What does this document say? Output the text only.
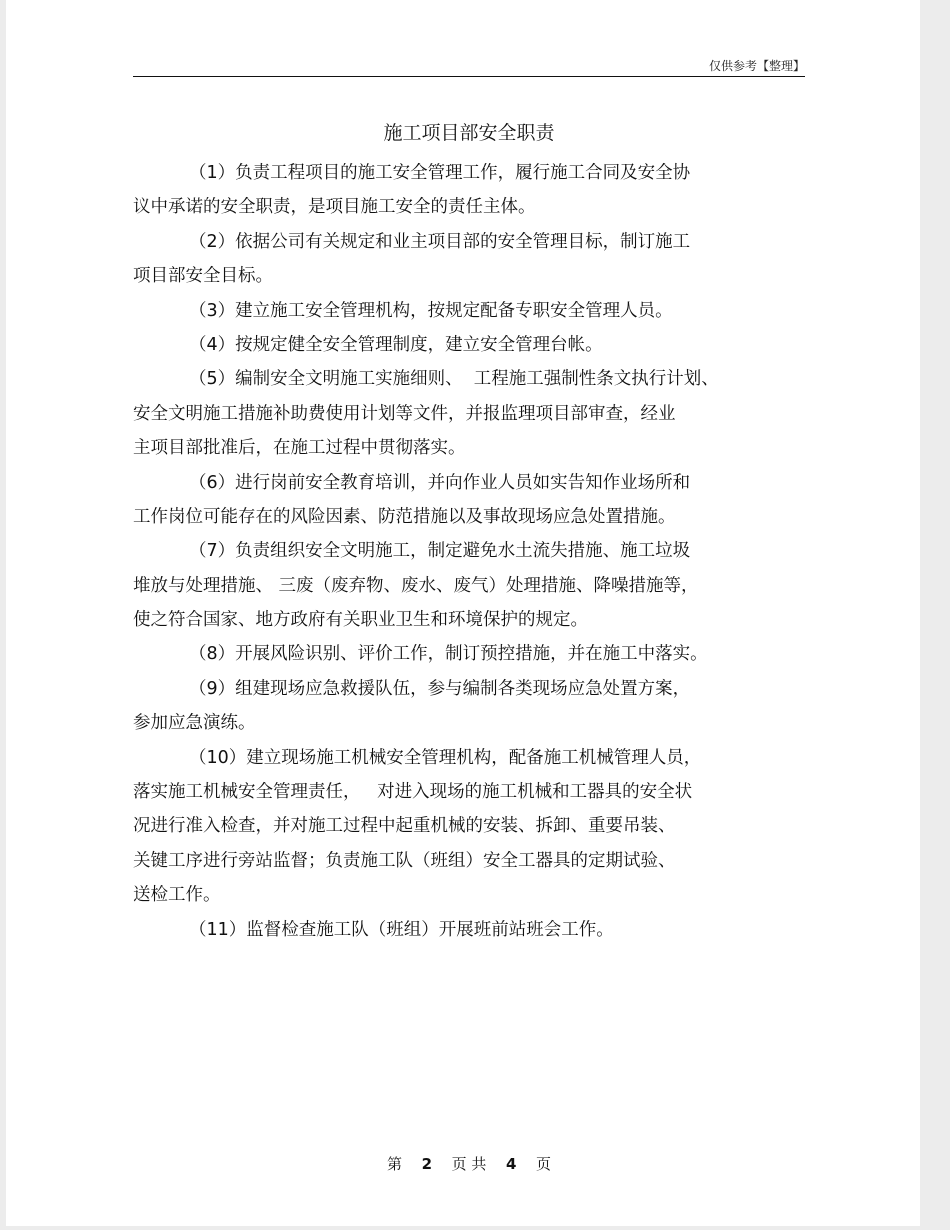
仅供参考【整理】
施工项目部安全职责
（1）负责工程项目的施工安全管理工作，履行施工合同及安全协
议中承诺的安全职责，是项目施工安全的责任主体。
（2）依据公司有关规定和业主项目部的安全管理目标，制订施工
项目部安全目标。
（3）建立施工安全管理机构，按规定配备专职安全管理人员。
（4）按规定健全安全管理制度，建立安全管理台帐。
（5）编制安全文明施工实施细则、  工程施工强制性条文执行计划、
安全文明施工措施补助费使用计划等文件，并报监理项目部审查，经业
主项目部批准后，在施工过程中贯彻落实。
（6）进行岗前安全教育培训，并向作业人员如实告知作业场所和
工作岗位可能存在的风险因素、防范措施以及事故现场应急处置措施。
（7）负责组织安全文明施工，制定避免水土流失措施、施工垃圾
堆放与处理措施、 三废（废弃物、废水、废气）处理措施、降噪措施等，
使之符合国家、地方政府有关职业卫生和环境保护的规定。
（8）开展风险识别、评价工作，制订预控措施，并在施工中落实。
（9）组建现场应急救援队伍，参与编制各类现场应急处置方案，
参加应急演练。
（10）建立现场施工机械安全管理机构，配备施工机械管理人员，
落实施工机械安全管理责任，   对进入现场的施工机械和工器具的安全状
况进行准入检查，并对施工过程中起重机械的安装、拆卸、重要吊装、
关键工序进行旁站监督；负责施工队（班组）安全工器具的定期试验、
送检工作。
（11）监督检查施工队（班组）开展班前站班会工作。
第 2 页 共 4 页
